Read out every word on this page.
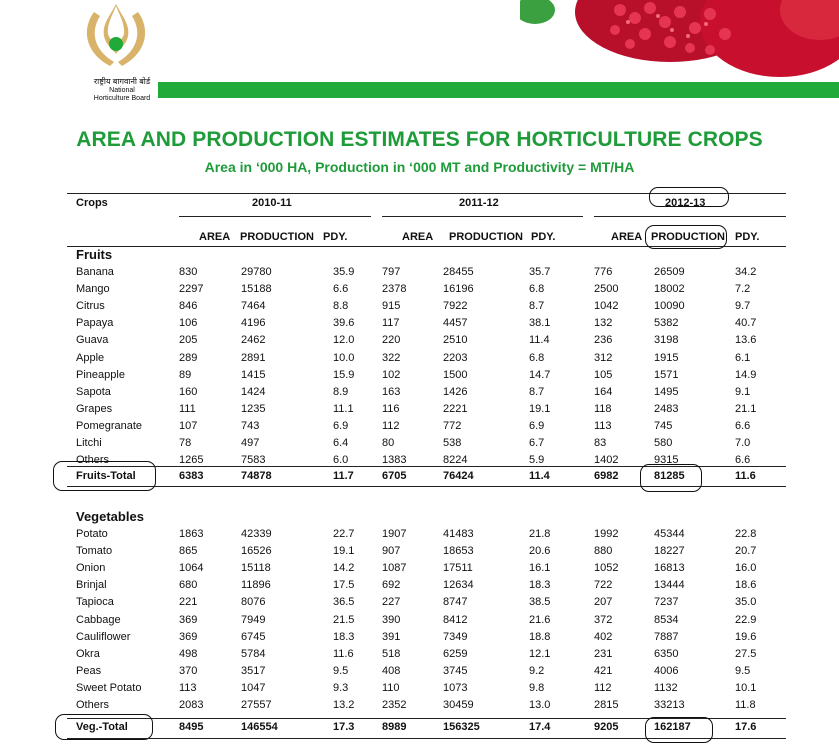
राष्ट्रीय बागवानी बोर्ड
National
Horticulture Board
AREA AND PRODUCTION ESTIMATES FOR HORTICULTURE CROPS
Area in ‘000 HA, Production in ‘000 MT and Productivity = MT/HA
Crops	2010-11	2011-12	2012-13
AREA PRODUCTION PDY.	AREA PRODUCTION PDY.	AREA PRODUCTION PDY.
Fruits
Banana	830	29780	35.9	797	28455	35.7	776	26509	34.2
Mango	2297	15188	6.6	2378	16196	6.8	2500	18002	7.2
Citrus	846	7464	8.8	915	7922	8.7	1042	10090	9.7
Papaya	106	4196	39.6	117	4457	38.1	132	5382	40.7
Guava	205	2462	12.0	220	2510	11.4	236	3198	13.6
Apple	289	2891	10.0	322	2203	6.8	312	1915	6.1
Pineapple	89	1415	15.9	102	1500	14.7	105	1571	14.9
Sapota	160	1424	8.9	163	1426	8.7	164	1495	9.1
Grapes	111	1235	11.1	116	2221	19.1	118	2483	21.1
Pomegranate	107	743	6.9	112	772	6.9	113	745	6.6
Litchi	78	497	6.4	80	538	6.7	83	580	7.0
Others	1265	7583	6.0	1383	8224	5.9	1402	9315	6.6
Fruits-Total	6383	74878	11.7	6705	76424	11.4	6982	81285	11.6
Vegetables
Potato	1863	42339	22.7	1907	41483	21.8	1992	45344	22.8
Tomato	865	16526	19.1	907	18653	20.6	880	18227	20.7
Onion	1064	15118	14.2	1087	17511	16.1	1052	16813	16.0
Brinjal	680	11896	17.5	692	12634	18.3	722	13444	18.6
Tapioca	221	8076	36.5	227	8747	38.5	207	7237	35.0
Cabbage	369	7949	21.5	390	8412	21.6	372	8534	22.9
Cauliflower	369	6745	18.3	391	7349	18.8	402	7887	19.6
Okra	498	5784	11.6	518	6259	12.1	231	6350	27.5
Peas	370	3517	9.5	408	3745	9.2	421	4006	9.5
Sweet Potato	113	1047	9.3	110	1073	9.8	112	1132	10.1
Others	2083	27557	13.2	2352	30459	13.0	2815	33213	11.8
Veg.-Total	8495	146554	17.3	8989	156325	17.4	9205	162187	17.6
